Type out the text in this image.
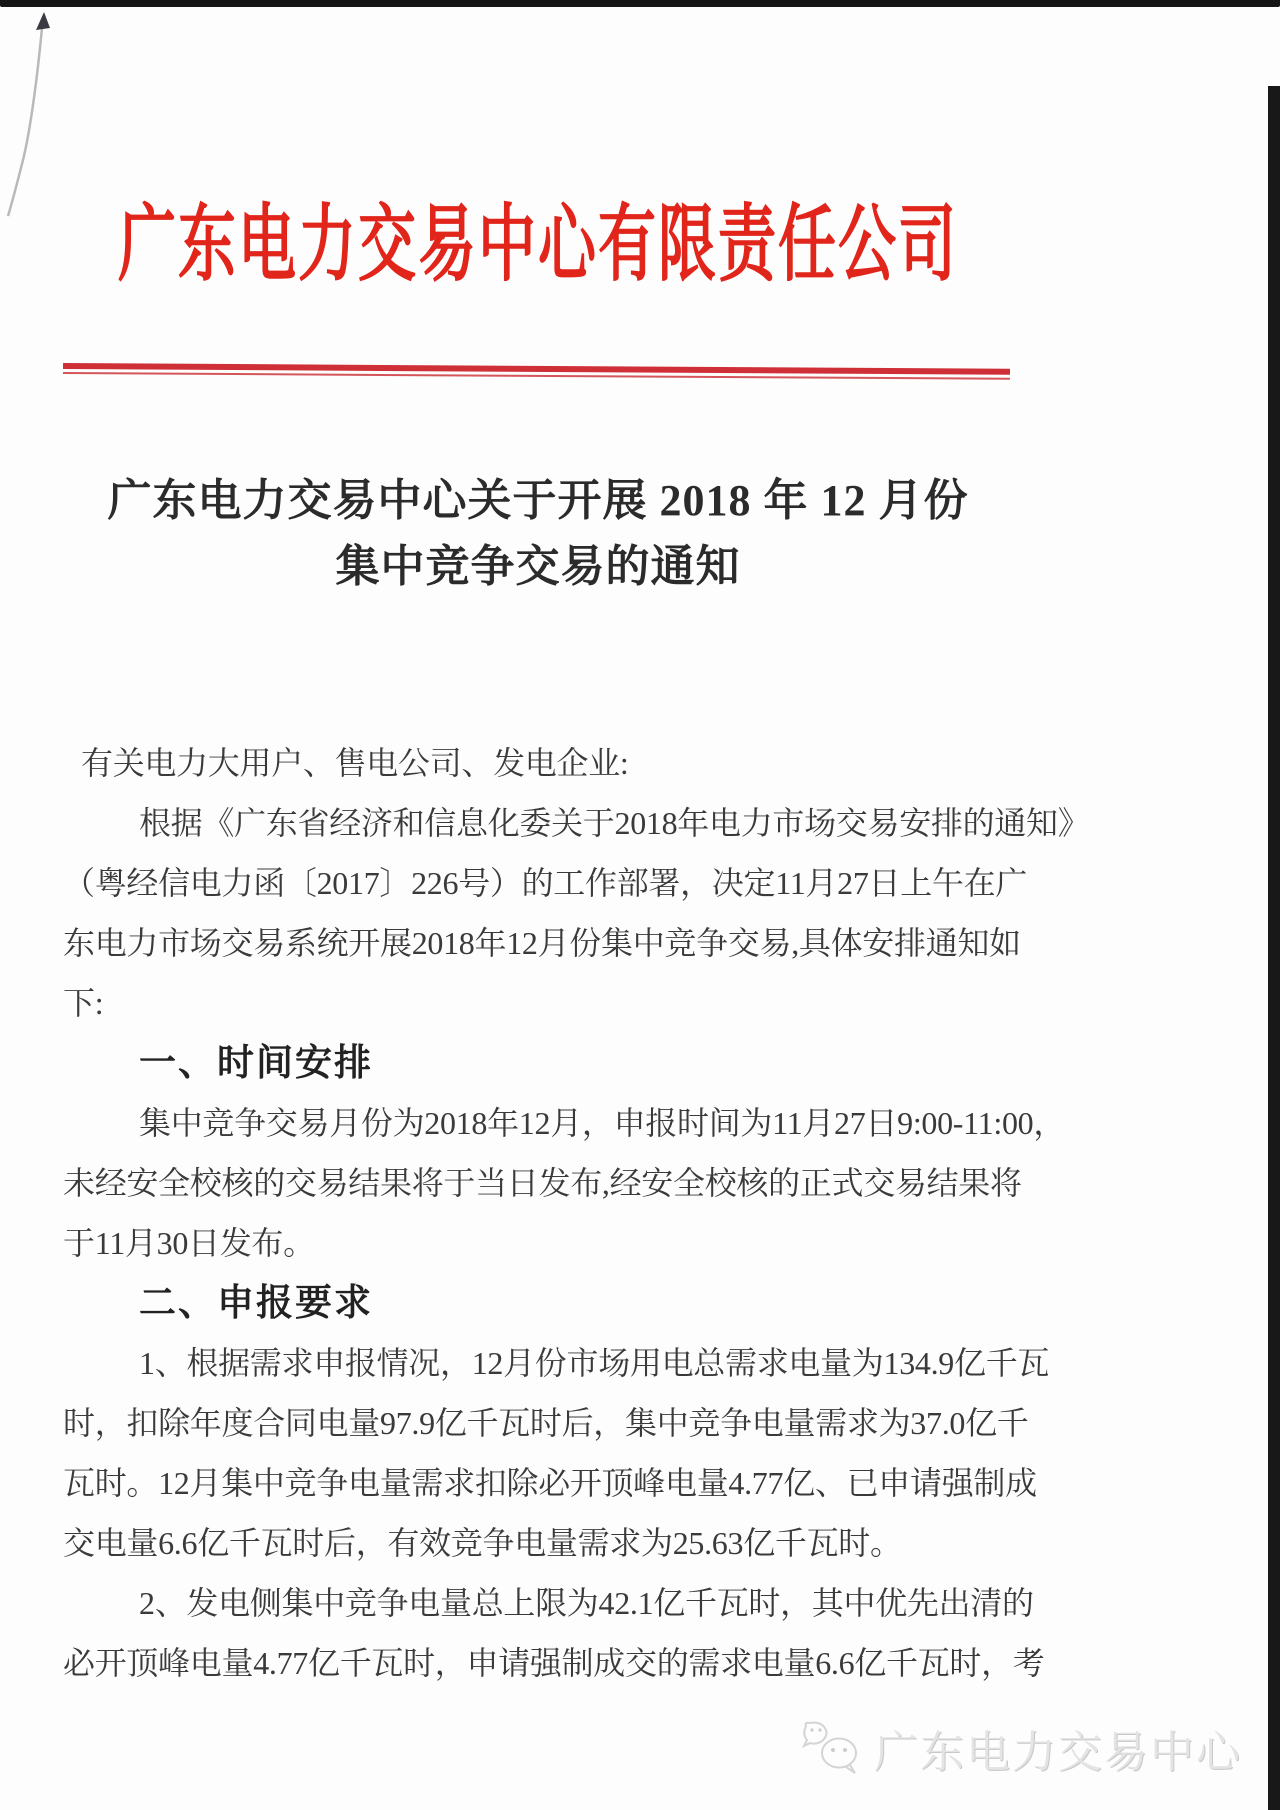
广东电力交易中心有限责任公司
广东电力交易中心关于开展 2018 年 12 月份
集中竞争交易的通知
有关电力大用户、售电公司、发电企业:
根据《广东省经济和信息化委关于2018年电力市场交易安排的通知》
（粤经信电力函〔2017〕226号）的工作部署，决定11月27日上午在广
东电力市场交易系统开展2018年12月份集中竞争交易,具体安排通知如
下:
一、时间安排
集中竞争交易月份为2018年12月，申报时间为11月27日9:00-11:00，
未经安全校核的交易结果将于当日发布,经安全校核的正式交易结果将
于11月30日发布。
二、申报要求
1、根据需求申报情况，12月份市场用电总需求电量为134.9亿千瓦
时，扣除年度合同电量97.9亿千瓦时后，集中竞争电量需求为37.0亿千
瓦时。12月集中竞争电量需求扣除必开顶峰电量4.77亿、已申请强制成
交电量6.6亿千瓦时后，有效竞争电量需求为25.63亿千瓦时。
2、发电侧集中竞争电量总上限为42.1亿千瓦时，其中优先出清的
必开顶峰电量4.77亿千瓦时，申请强制成交的需求电量6.6亿千瓦时，考
广东电力交易中心
